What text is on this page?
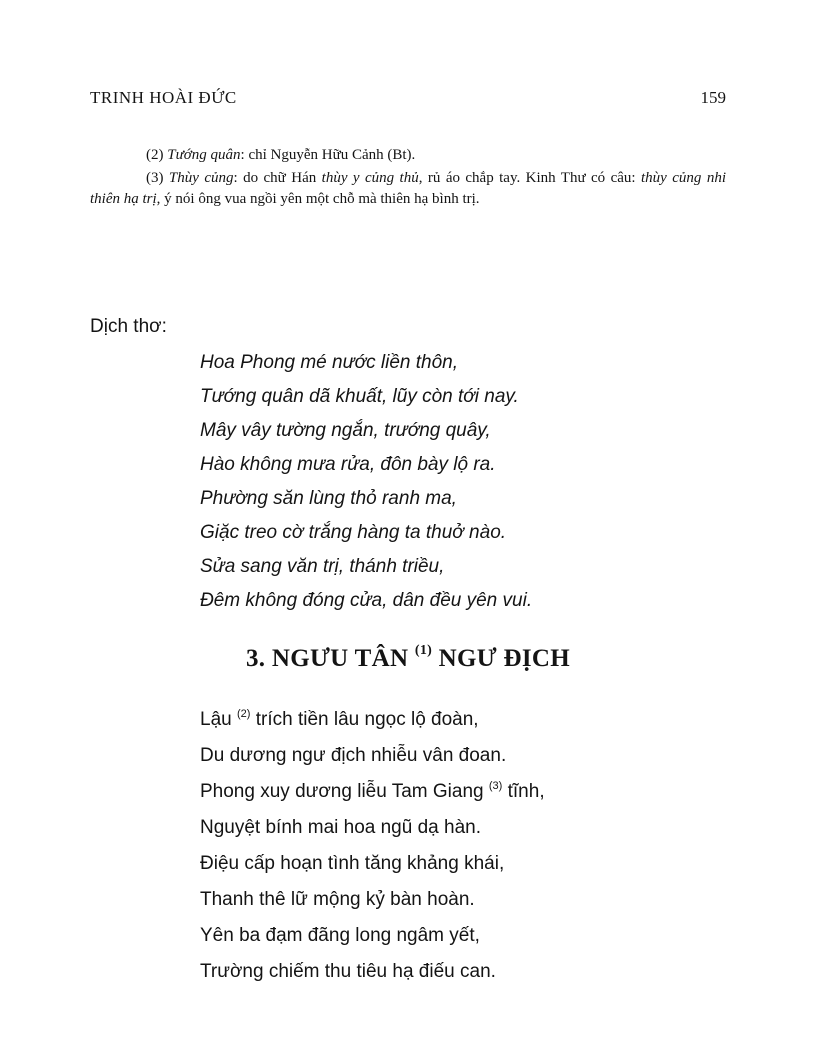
TRINH HOÀI ĐỨC	159

(2) Tướng quân: chỉ Nguyễn Hữu Cảnh (Bt).

(3) Thùy củng: do chữ Hán thùy y củng thủ, rủ áo chắp tay. Kinh Thư có câu: thùy củng nhi thiên hạ trị, ý nói ông vua ngồi yên một chỗ mà thiên hạ bình trị.

Dịch thơ:
Hoa Phong mé nước liền thôn,
Tướng quân dã khuất, lũy còn tới nay.
Mây vây tường ngắn, trướng quây,
Hào không mưa rửa, đôn bày lộ ra.
Phường săn lùng thỏ ranh ma,
Giặc treo cờ trắng hàng ta thuở nào.
Sửa sang văn trị, thánh triều,
Đêm không đóng cửa, dân đều yên vui.
3. NGƯU TÂN $^{(1)}$ NGƯ ĐỊCH
Lậu $^{(2)}$ trích tiền lâu ngọc lộ đoàn,
Du dương ngư địch nhiễu vân đoan.
Phong xuy dương liễu Tam Giang $^{(3)}$ tĩnh,
Nguyệt bính mai hoa ngũ dạ hàn.
Điệu cấp hoạn tình tăng khảng khái,
Thanh thê lữ mộng kỷ bàn hoàn.
Yên ba đạm đãng long ngâm yết,
Trường chiếm thu tiêu hạ điếu can.
